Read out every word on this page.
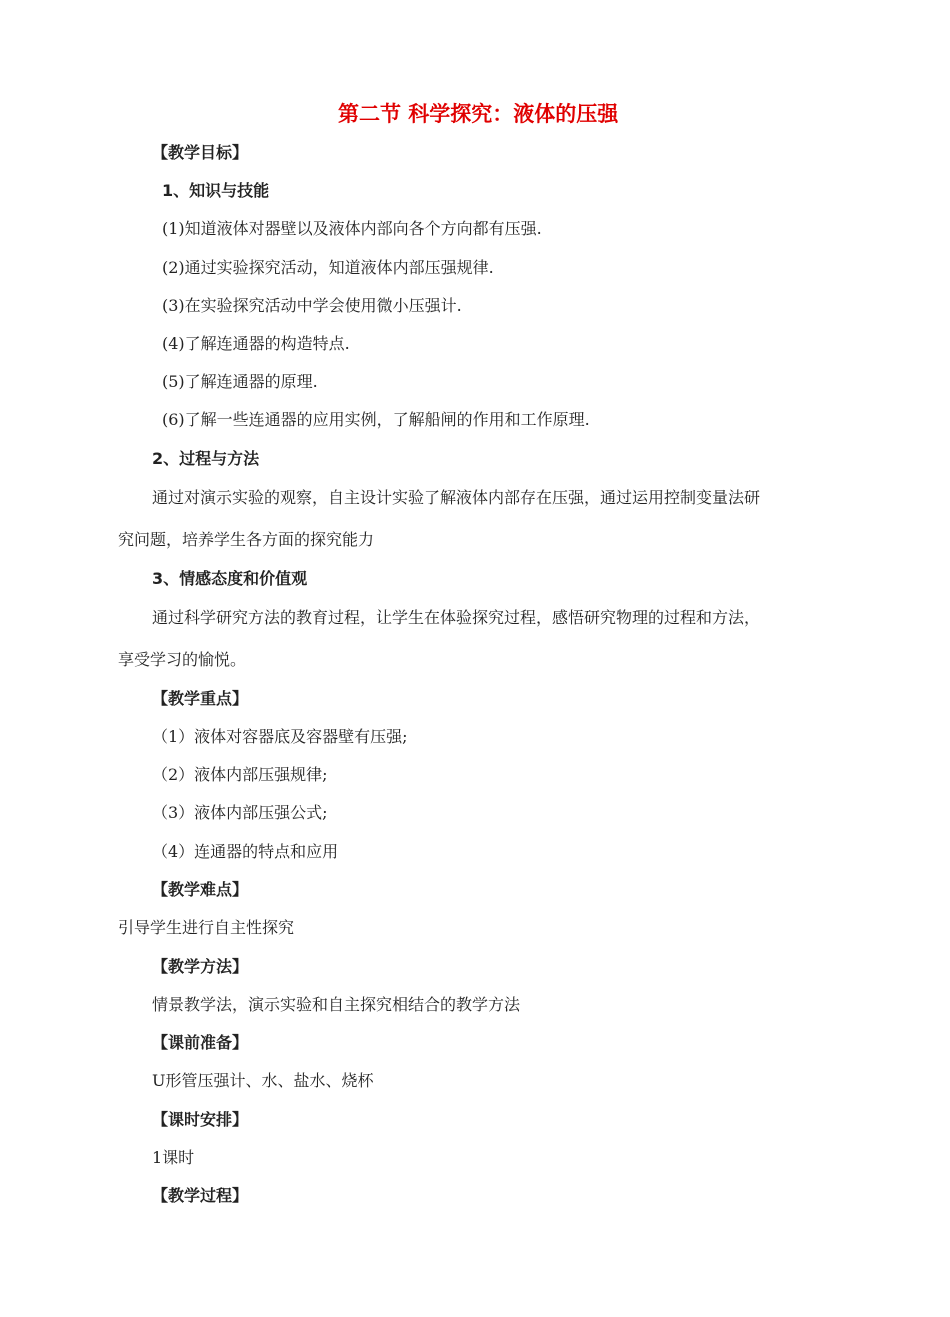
第二节 科学探究：液体的压强
【教学目标】
1、知识与技能
(1)知道液体对器壁以及液体内部向各个方向都有压强.
(2)通过实验探究活动，知道液体内部压强规律.
(3)在实验探究活动中学会使用微小压强计.
(4)了解连通器的构造特点.
(5)了解连通器的原理.
(6)了解一些连通器的应用实例，了解船闸的作用和工作原理.
2、过程与方法
通过对演示实验的观察，自主设计实验了解液体内部存在压强，通过运用控制变量法研
究问题，培养学生各方面的探究能力
3、情感态度和价值观
通过科学研究方法的教育过程，让学生在体验探究过程，感悟研究物理的过程和方法，
享受学习的愉悦。
【教学重点】
（1）液体对容器底及容器壁有压强;
（2）液体内部压强规律;
（3）液体内部压强公式;
（4）连通器的特点和应用
【教学难点】
引导学生进行自主性探究
【教学方法】
情景教学法，演示实验和自主探究相结合的教学方法
【课前准备】
U形管压强计、水、盐水、烧杯
【课时安排】
1课时
【教学过程】
